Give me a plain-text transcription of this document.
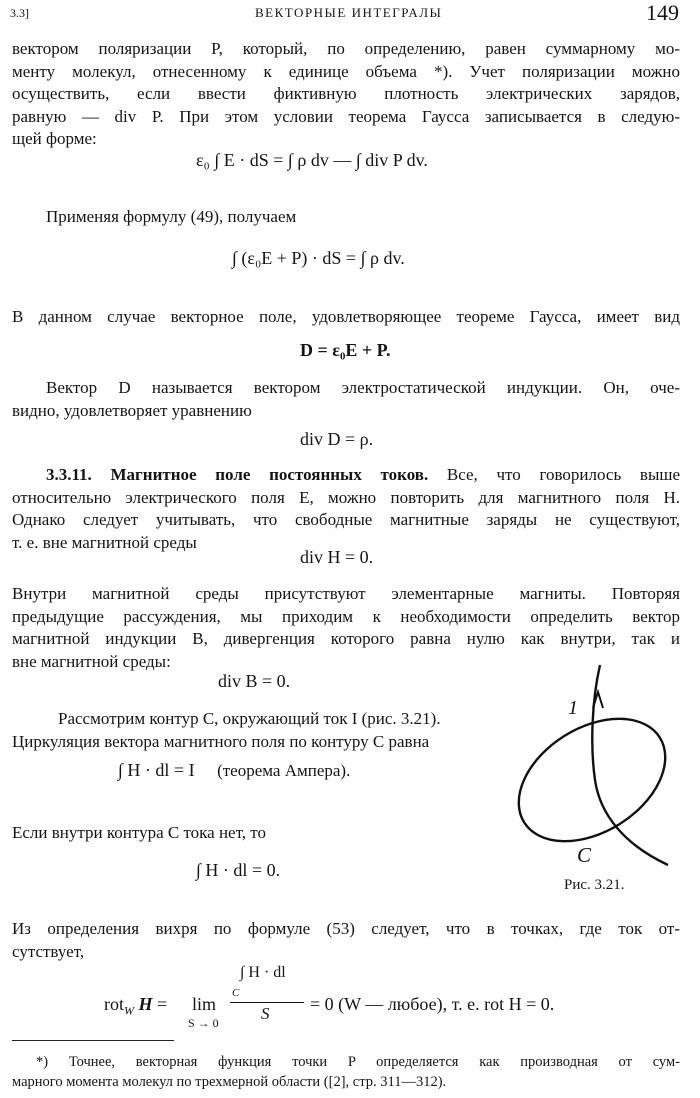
3.3]	ВЕКТОРНЫЕ ИНТЕГРАЛЫ	149
вектором поляризации P, который, по определению, равен суммарному мо-
менту молекул, отнесенному к единице объема *). Учет поляризации можно
осуществить, если ввести фиктивную плотность электрических зарядов,
равную — div P. При этом условии теорема Гаусса записывается в следую-
щей форме:
ε₀ ∫ E · dS = ∫ ρ dv — ∫ div P dv.
Применяя формулу (49), получаем
∫ (ε₀E + P) · dS = ∫ ρ dv.
В данном случае векторное поле, удовлетворяющее теореме Гаусса, имеет вид
D = ε₀E + P.
Вектор D называется вектором электростатической индукции. Он, оче-
видно, удовлетворяет уравнению
div D = ρ.
3.3.11. Магнитное поле постоянных токов. Все, что говорилось выше
относительно электрического поля E, можно повторить для магнитного поля H.
Однако следует учитывать, что свободные магнитные заряды не существуют,
т. е. вне магнитной среды
div H = 0.
Внутри магнитной среды присутствуют элементарные магниты. Повторяя
предыдущие рассуждения, мы приходим к необходимости определить вектор
магнитной индукции B, дивергенция которого равна нулю как внутри, так и
вне магнитной среды:
div B = 0.
Рассмотрим контур C, окружающий ток I (рис. 3.21).
Циркуляция вектора магнитного поля по контуру C равна
∫ H · dl = I (теорема Ампера).
Если внутри контура C тока нет, то
∫ H · dl = 0.
1
C
Рис. 3.21.
Из определения вихря по формуле (53) следует, что в точках, где ток от-
сутствует,
rot$_W$ H = lim
S → 0
∫ H · dl
C
S = 0 (W — любое), т. е. rot H = 0.
*) Точнее, векторная функция точки P определяется как производная от сум-
марного момента молекул по трехмерной области ([2], стр. 311—312).
